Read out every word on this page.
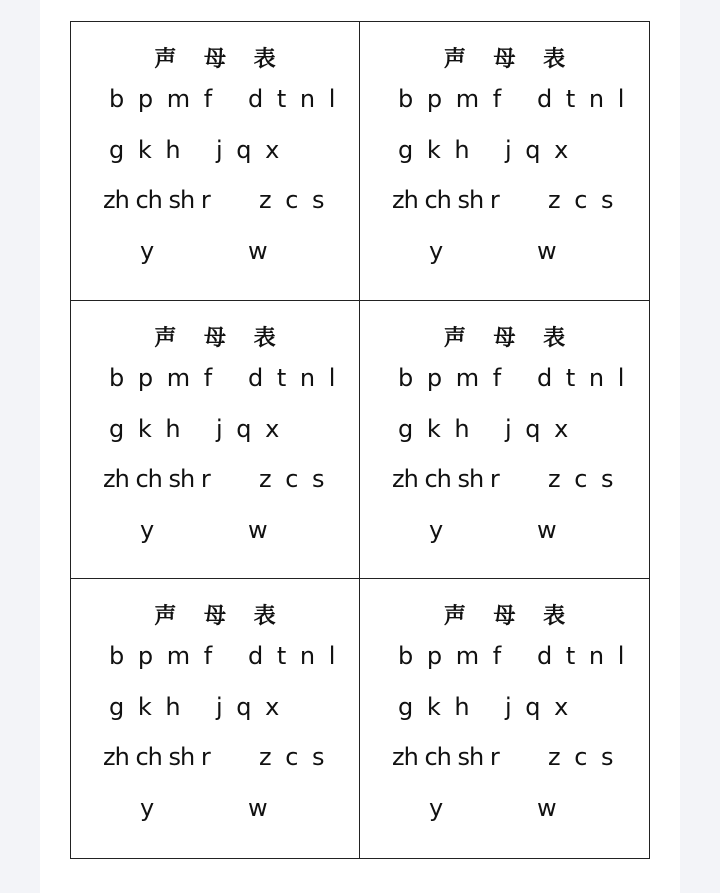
声 母 表
b p m f d t n l
g k h j q x
zh ch sh r z c s
y	w
声 母 表
b p m f d t n l
g k h j q x
zh ch sh r z c s
y	w
声 母 表
b p m f d t n l
g k h j q x
zh ch sh r z c s
y	w
声 母 表
b p m f d t n l
g k h j q x
zh ch sh r z c s
y	w
声 母 表
b p m f d t n l
g k h j q x
zh ch sh r z c s
y	w
声 母 表
b p m f d t n l
g k h j q x
zh ch sh r z c s
y	w
